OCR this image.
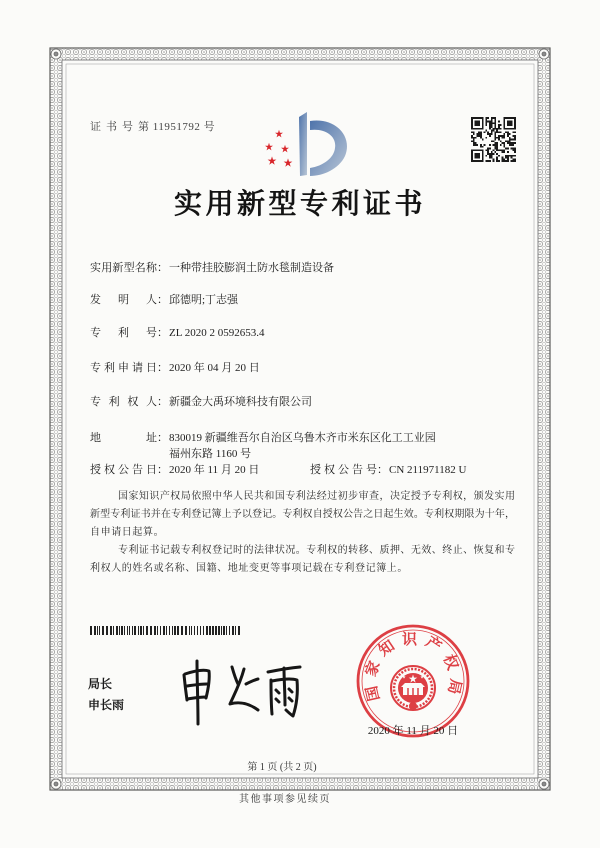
国家知识产权局
证书号第 11951792 号
实用新型专利证书
实用新型名称：一种带挂胶膨润土防水毯制造设备
发明人：邱德明;丁志强
专利号：ZL 2020 2 0592653.4
专利申请日：2020 年 04 月 20 日
专利权人：新疆金大禹环境科技有限公司
地址： 830019 新疆维吾尔自治区乌鲁木齐市米东区化工工业园
福州东路 1160 号
授权公告日：2020 年 11 月 20 日	授权公告号：CN 211971182 U
国家知识产权局依照中华人民共和国专利法经过初步审查，决定授予专利权，颁发实用
新型专利证书并在专利登记簿上予以登记。专利权自授权公告之日起生效。专利权期限为十年，
自申请日起算。
专利证书记载专利权登记时的法律状况。专利权的转移、质押、无效、终止、恢复和专
利权人的姓名或名称、国籍、地址变更等事项记载在专利登记簿上。
局长
申长雨
2020 年 11 月 20 日
第 1 页 (共 2 页)
其他事项参见续页
